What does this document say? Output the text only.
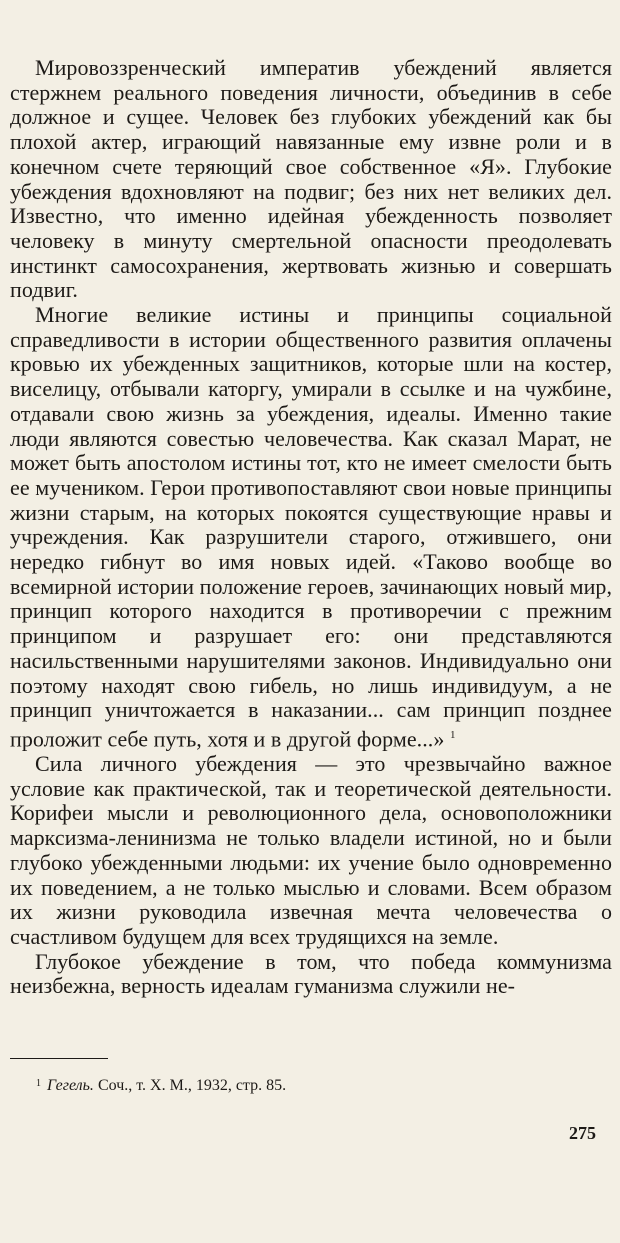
Мировоззренческий императив убеждений является стержнем реального поведения личности, объединив в себе должное и сущее. Человек без глубоких убеждений как бы плохой актер, играющий навязанные ему извне роли и в конечном счете теряющий свое собственное «Я». Глубокие убеждения вдохновляют на подвиг; без них нет великих дел. Известно, что именно идейная убежденность позволяет человеку в минуту смертельной опасности преодолевать инстинкт самосохранения, жертвовать жизнью и совершать подвиг.

Многие великие истины и принципы социальной справедливости в истории общественного развития оплачены кровью их убежденных защитников, которые шли на костер, виселицу, отбывали каторгу, умирали в ссылке и на чужбине, отдавали свою жизнь за убеждения, идеалы. Именно такие люди являются совестью человечества. Как сказал Марат, не может быть апостолом истины тот, кто не имеет смелости быть ее мучеником. Герои противопоставляют свои новые принципы жизни старым, на которых покоятся существующие нравы и учреждения. Как разрушители старого, отжившего, они нередко гибнут во имя новых идей. «Таково вообще во всемирной истории положение героев, зачинающих новый мир, принцип которого находится в противоречии с прежним принципом и разрушает его: они представляются насильственными нарушителями законов. Индивидуально они поэтому находят свою гибель, но лишь индивидуум, а не принцип уничтожается в наказании... сам принцип позднее проложит себе путь, хотя и в другой форме...» $^1$

Сила личного убеждения — это чрезвычайно важное условие как практической, так и теоретической деятельности. Корифеи мысли и революционного дела, основоположники марксизма-ленинизма не только владели истиной, но и были глубоко убежденными людьми: их учение было одновременно их поведением, а не только мыслью и словами. Всем образом их жизни руководила извечная мечта человечества о счастливом будущем для всех трудящихся на земле.

Глубокое убеждение в том, что победа коммунизма неизбежна, верность идеалам гуманизма служили не-

$^1$ Гегель. Соч., т. X. М., 1932, стр. 85.
275
